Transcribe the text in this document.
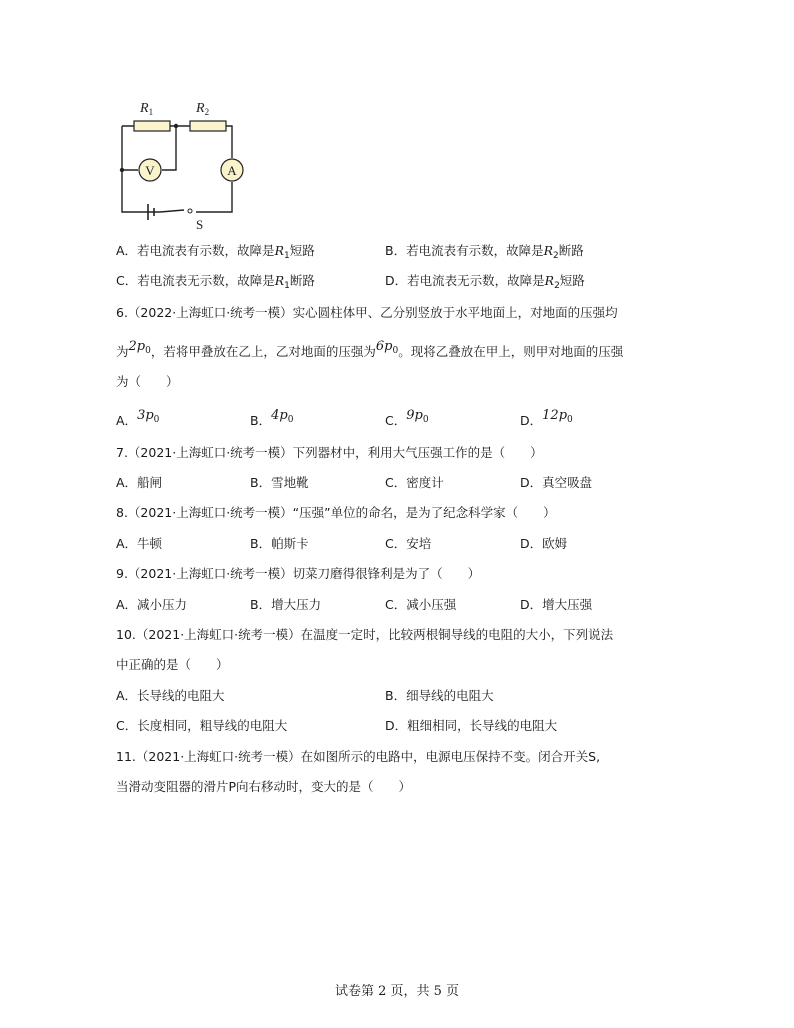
V	A
$R_1$	$R_2$
S
A．若电流表有示数，故障是$R_1$短路	B．若电流表有示数，故障是$R_2$断路
C．若电流表无示数，故障是$R_1$断路	D．若电流表无示数，故障是$R_2$短路
6.（2022·上海虹口·统考一模）实心圆柱体甲、乙分别竖放于水平地面上，对地面的压强均
为$2p_0$，若将甲叠放在乙上，乙对地面的压强为$6p_0$。现将乙叠放在甲上，则甲对地面的压强
为（　　）
A．$3p_0$	B．$4p_0$	C．$9p_0$	D．$12p_0$
7.（2021·上海虹口·统考一模）下列器材中，利用大气压强工作的是（　　）
A．船闸	B．雪地靴	C．密度计	D．真空吸盘
8.（2021·上海虹口·统考一模）“压强”单位的命名，是为了纪念科学家（　　）
A．牛顿	B．帕斯卡	C．安培	D．欧姆
9.（2021·上海虹口·统考一模）切菜刀磨得很锋利是为了（　　）
A．减小压力	B．增大压力	C．减小压强	D．增大压强
10.（2021·上海虹口·统考一模）在温度一定时，比较两根铜导线的电阻的大小，下列说法
中正确的是（　　）
A．长导线的电阻大	B．细导线的电阻大
C．长度相同，粗导线的电阻大	D．粗细相同，长导线的电阻大
11.（2021·上海虹口·统考一模）在如图所示的电路中，电源电压保持不变。闭合开关S,
当滑动变阻器的滑片P向右移动时，变大的是（　　）
试卷第 2 页，共 5 页
